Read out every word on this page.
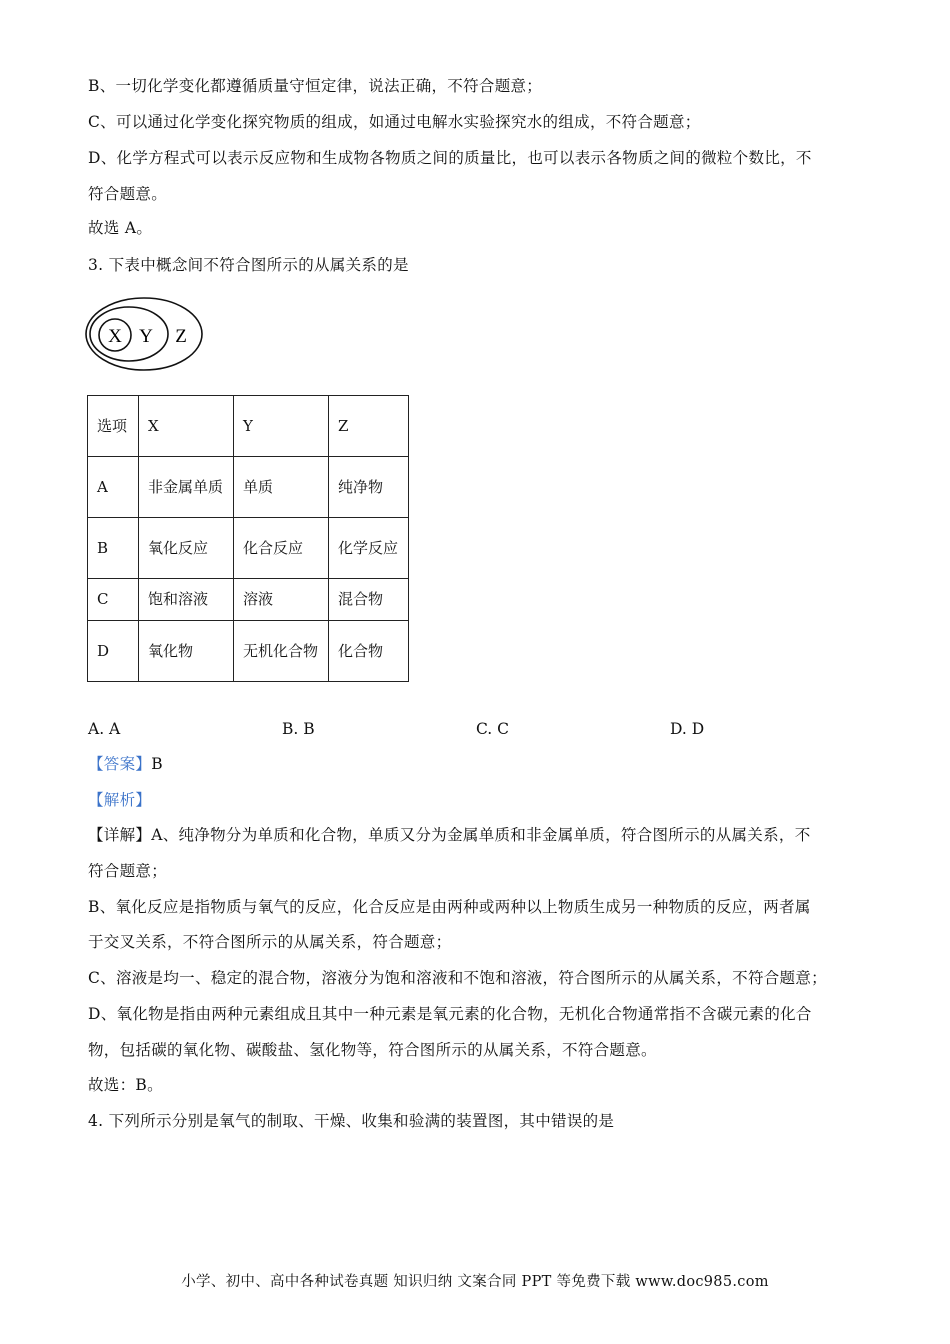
B、一切化学变化都遵循质量守恒定律，说法正确，不符合题意；
C、可以通过化学变化探究物质的组成，如通过电解水实验探究水的组成，不符合题意；
D、化学方程式可以表示反应物和生成物各物质之间的质量比，也可以表示各物质之间的微粒个数比，不
符合题意。
故选 A。
3. 下表中概念间不符合图所示的从属关系的是
X Y Z
选项	X	Y	Z
A	非金属单质	单质	纯净物
B	氧化反应	化合反应	化学反应
C	饱和溶液	溶液	混合物
D	氧化物	无机化合物	化合物
A. A	B. B	C. C	D. D
【答案】B
【解析】
【详解】A、纯净物分为单质和化合物，单质又分为金属单质和非金属单质，符合图所示的从属关系，不
符合题意；
B、氧化反应是指物质与氧气的反应，化合反应是由两种或两种以上物质生成另一种物质的反应，两者属
于交叉关系，不符合图所示的从属关系，符合题意；
C、溶液是均一、稳定的混合物，溶液分为饱和溶液和不饱和溶液，符合图所示的从属关系，不符合题意；
D、氧化物是指由两种元素组成且其中一种元素是氧元素的化合物，无机化合物通常指不含碳元素的化合
物，包括碳的氧化物、碳酸盐、氢化物等，符合图所示的从属关系，不符合题意。
故选：B。
4. 下列所示分别是氧气的制取、干燥、收集和验满的装置图，其中错误的是
小学、初中、高中各种试卷真题 知识归纳 文案合同 PPT 等免费下载 www.doc985.com
